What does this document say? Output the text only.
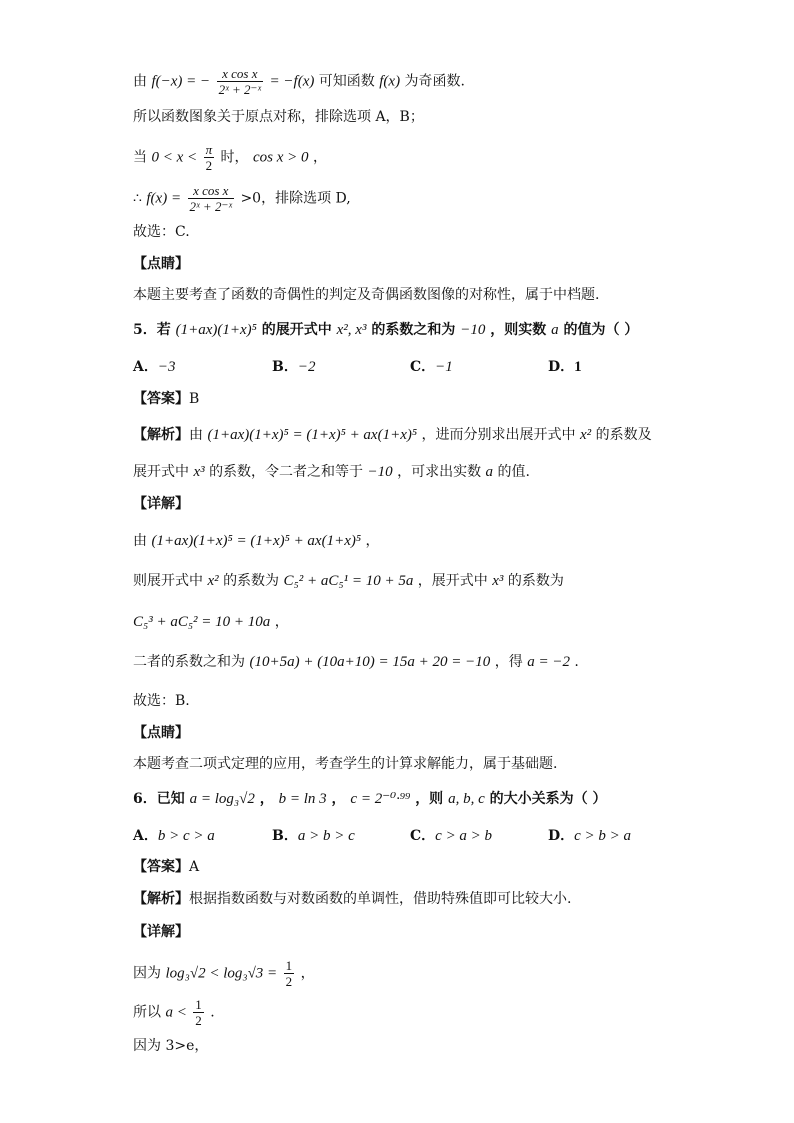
由 f(−x) = − $\frac{\text{x cos x}}{\text{2ˣ + 2⁻ˣ}} = -f(x)$ 可知函数 f(x) 为奇函数.
所以函数图象关于原点对称，排除选项 A，B；
当 $0 < x < \frac{\pi}{2}$ 时， cos x > 0 ，
∴ $f(x) = \frac{\text{x cos x}}{\text{2ˣ + 2⁻ˣ}} >0$，排除选项 D,
故选：C.
【点睛】
本题主要考查了函数的奇偶性的判定及奇偶函数图像的对称性，属于中档题.
5．若 (1+ax)(1+x)⁵ 的展开式中 x², x³ 的系数之和为 −10 ，则实数 a 的值为（ ）
A．−3	B．−2	C．−1	D．1
【答案】B
【解析】由 (1+ax)(1+x)⁵ = (1+x)⁵ + ax(1+x)⁵ ，进而分别求出展开式中 x² 的系数及
展开式中 x³ 的系数，令二者之和等于 −10 ，可求出实数 a 的值.
【详解】
由 (1+ax)(1+x)⁵ = (1+x)⁵ + ax(1+x)⁵ ，
则展开式中 x² 的系数为 C₅² + aC₅¹ = 10 + 5a ，展开式中 x³ 的系数为
C₅³ + aC₅² = 10 + 10a ，
二者的系数之和为 (10+5a) + (10a+10) = 15a + 20 = −10 ，得 a = −2 .
故选：B.
【点睛】
本题考查二项式定理的应用，考查学生的计算求解能力，属于基础题.
6．已知 a = log₃√2 ， b = ln 3 ， c = 2⁻⁰·⁹⁹ ，则 a, b, c 的大小关系为（ ）
A．b > c > a	B．a > b > c	C．c > a > b	D．c > b > a
【答案】A
【解析】根据指数函数与对数函数的单调性，借助特殊值即可比较大小.
【详解】
因为 $\log_3√2 < \log_3√3 = \frac{1}{2}$ ，
所以 $a < \frac{1}{2}$ .
因为 3>e，
